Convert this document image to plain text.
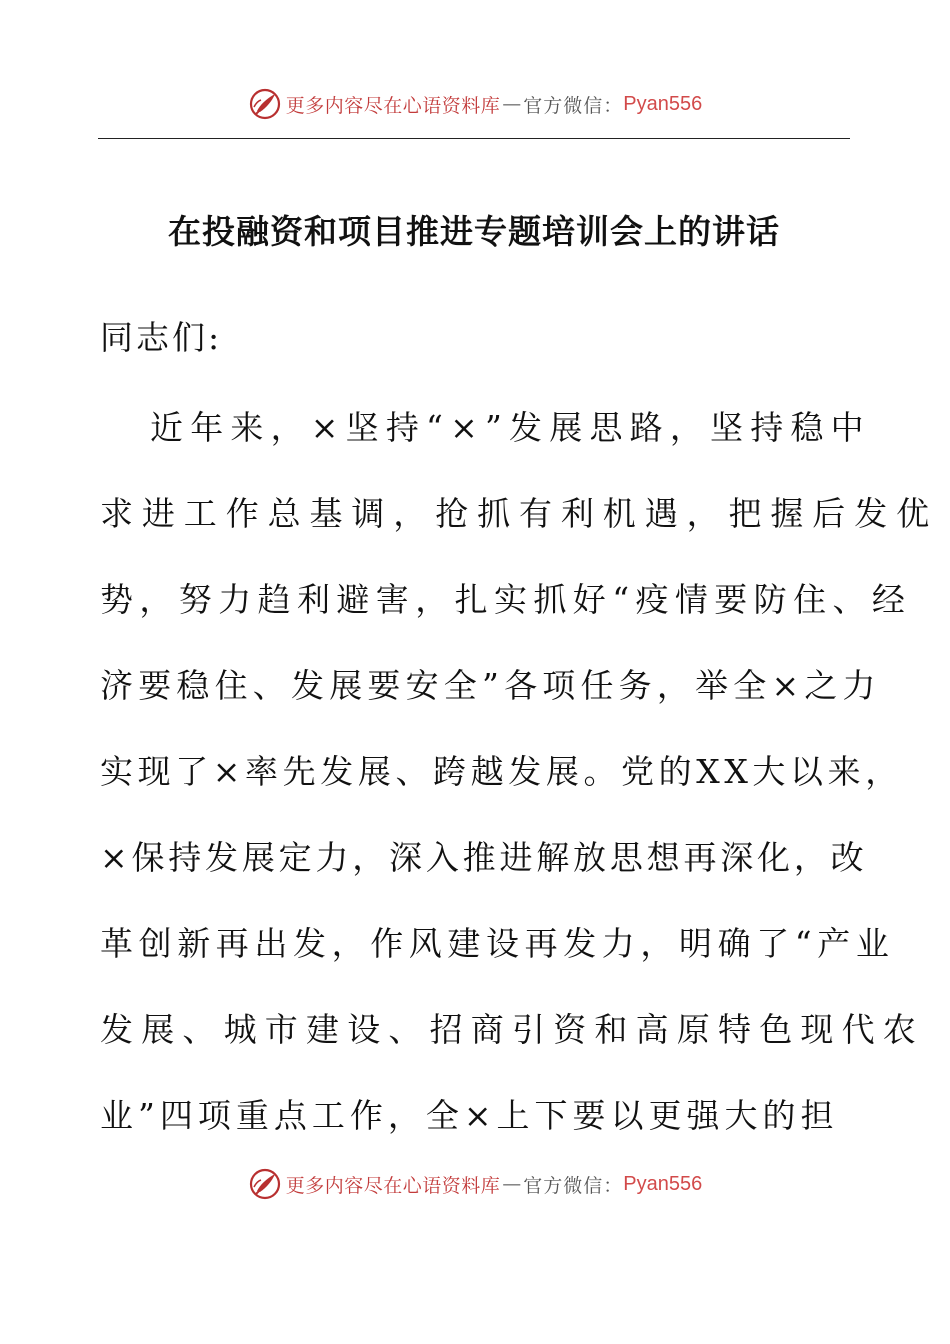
更多内容尽在心语资料库 — 官方微信： Pyan556
在投融资和项目推进专题培训会上的讲话

同志们:

近年来，×坚持“×”发展思路，坚持稳中
求进工作总基调，抢抓有利机遇，把握后发优
势，努力趋利避害，扎实抓好“疫情要防住、经
济要稳住、发展要安全”各项任务，举全×之力
实现了×率先发展、跨越发展。党的XX大以来，
×保持发展定力，深入推进解放思想再深化，改
革创新再出发，作风建设再发力，明确了“产业
发展、城市建设、招商引资和高原特色现代农
业”四项重点工作，全×上下要以更强大的担
更多内容尽在心语资料库 — 官方微信： Pyan556
